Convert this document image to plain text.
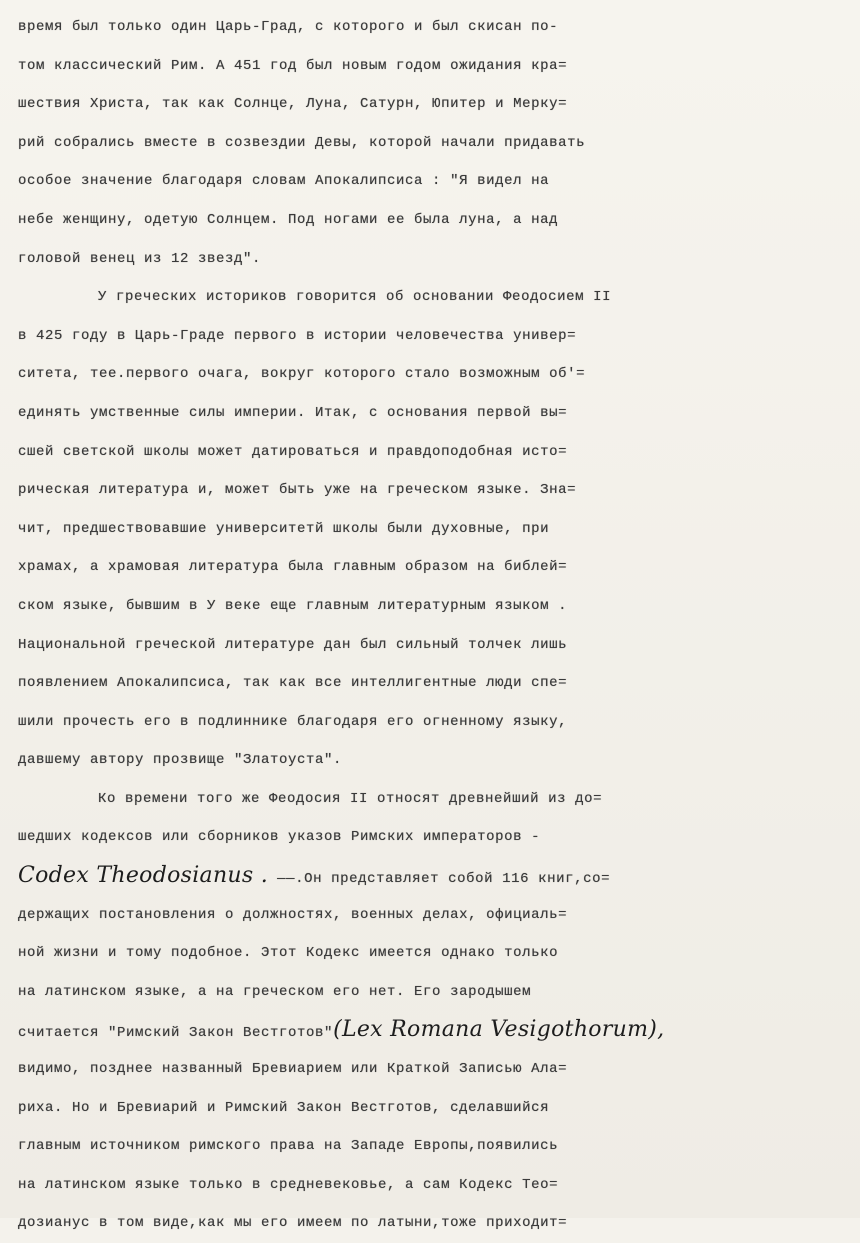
время был только один Царь-Град, с которого и был скисан по-
том классический Рим. А 451 год был новым годом ожидания кра=
шествия Христа, так как Солнце, Луна, Сатурн, Юпитер и Мерку=
рий собрались вместе в созвездии Девы, которой начали придавать
особое значение благодаря словам Апокалипсиса : "Я видел на
небе женщину, одетую Солнцем. Под ногами ее была луна, а над
головой венец из 12 звезд".
У греческих историков говорится об основании Феодосием II
в 425 году в Царь-Граде первого в истории человечества универ=
ситета, тее.первого очага, вокруг которого стало возможным об'=
единять умственные силы империи. Итак, с основания первой вы=
сшей светской школы может датироваться и правдоподобная исто=
рическая литература и, может быть уже на греческом языке. Зна=
чит, предшествовавшие университетй школы были духовные, при
храмах, а храмовая литература была главным образом на библей=
ском языке, бывшим в У веке еще главным литературным языком .
Национальной греческой литературе дан был сильный толчек лишь
появлением Апокалипсиса, так как все интеллигентные люди спе=
шили прочесть его в подлиннике благодаря его огненному языку,
давшему автору прозвище "Златоуста".
Ко времени того же Феодосия II относят древнейший из до=
шедших кодексов или сборников указов Римских императоров -
Codex Theodosianus . ——.Он представляет собой 116 книг,со=
держащих постановления о должностях, военных делах, официаль=
ной жизни и тому подобное. Этот Кодекс имеется однако только
на латинском языке, а на греческом его нет. Его зародышем
считается "Римский Закон Вестготов"(Lex Romana Vesigothorum),
видимо, позднее названный Бревиарием или Краткой Записью Ала=
риха. Но и Бревиарий и Римский Закон Вестготов, сделавшийся
главным источником римского права на Западе Европы,появились
на латинском языке только в средневековье, а сам Кодекс Тео=
дозианус в том виде,как мы его имеем по латыни,тоже приходит=
